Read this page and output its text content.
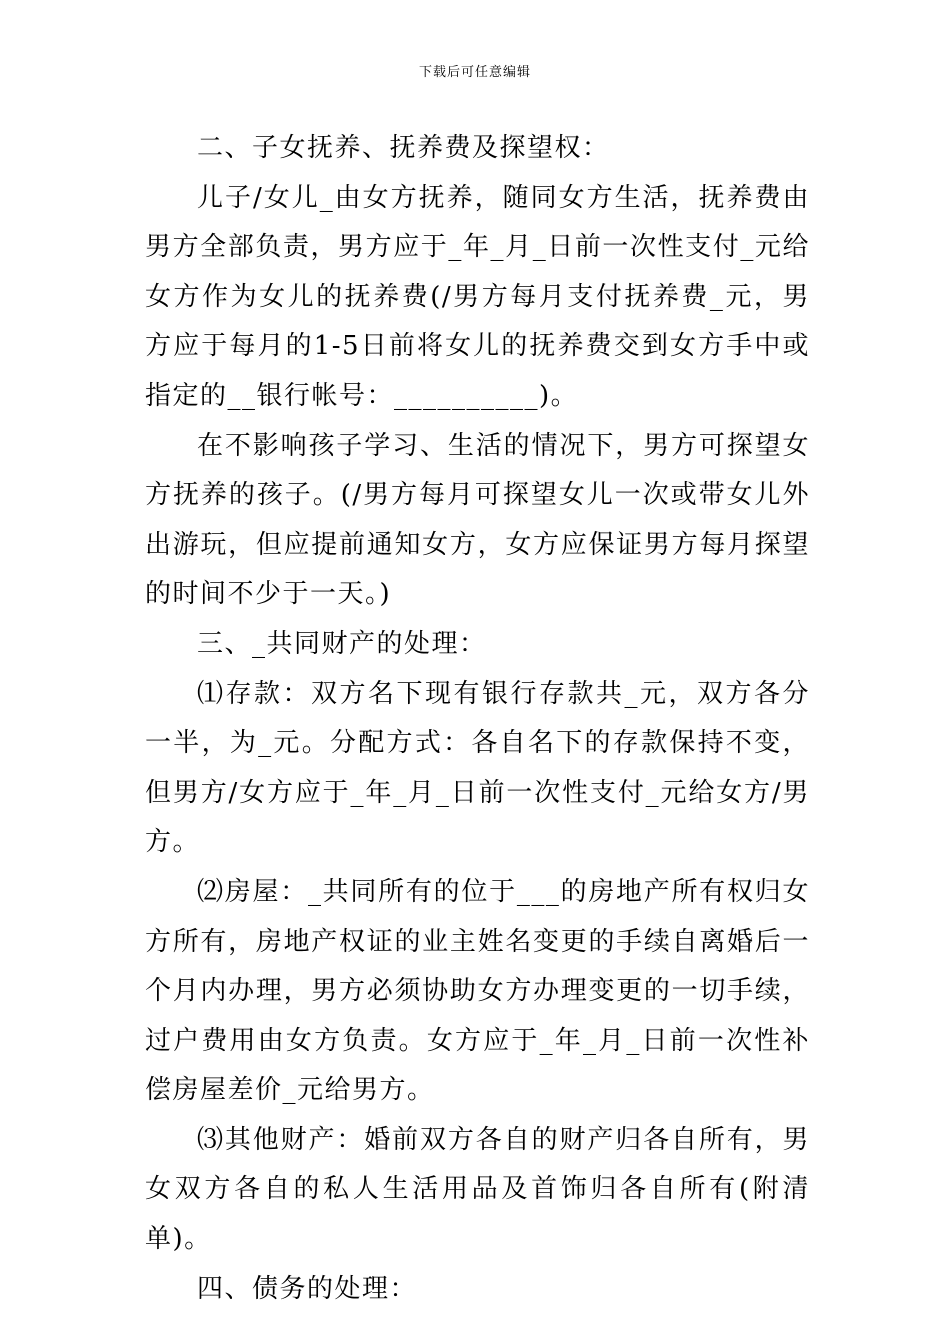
下载后可任意编辑

二、子女抚养、抚养费及探望权：

儿子/女儿_由女方抚养，随同女方生活，抚养费由男方全部负责，男方应于_年_月_日前一次性支付_元给女方作为女儿的抚养费(/男方每月支付抚养费_元，男方应于每月的1-5日前将女儿的抚养费交到女方手中或指定的__银行帐号：__________)。

在不影响孩子学习、生活的情况下，男方可探望女方抚养的孩子。(/男方每月可探望女儿一次或带女儿外出游玩，但应提前通知女方，女方应保证男方每月探望的时间不少于一天。)

三、_共同财产的处理：

⑴存款：双方名下现有银行存款共_元，双方各分一半，为_元。分配方式：各自名下的存款保持不变，但男方/女方应于_年_月_日前一次性支付_元给女方/男方。

⑵房屋：_共同所有的位于___的房地产所有权归女方所有，房地产权证的业主姓名变更的手续自离婚后一个月内办理，男方必须协助女方办理变更的一切手续，过户费用由女方负责。女方应于_年_月_日前一次性补偿房屋差价_元给男方。

⑶其他财产：婚前双方各自的财产归各自所有，男女双方各自的私人生活用品及首饰归各自所有(附清单)。

四、债务的处理：
